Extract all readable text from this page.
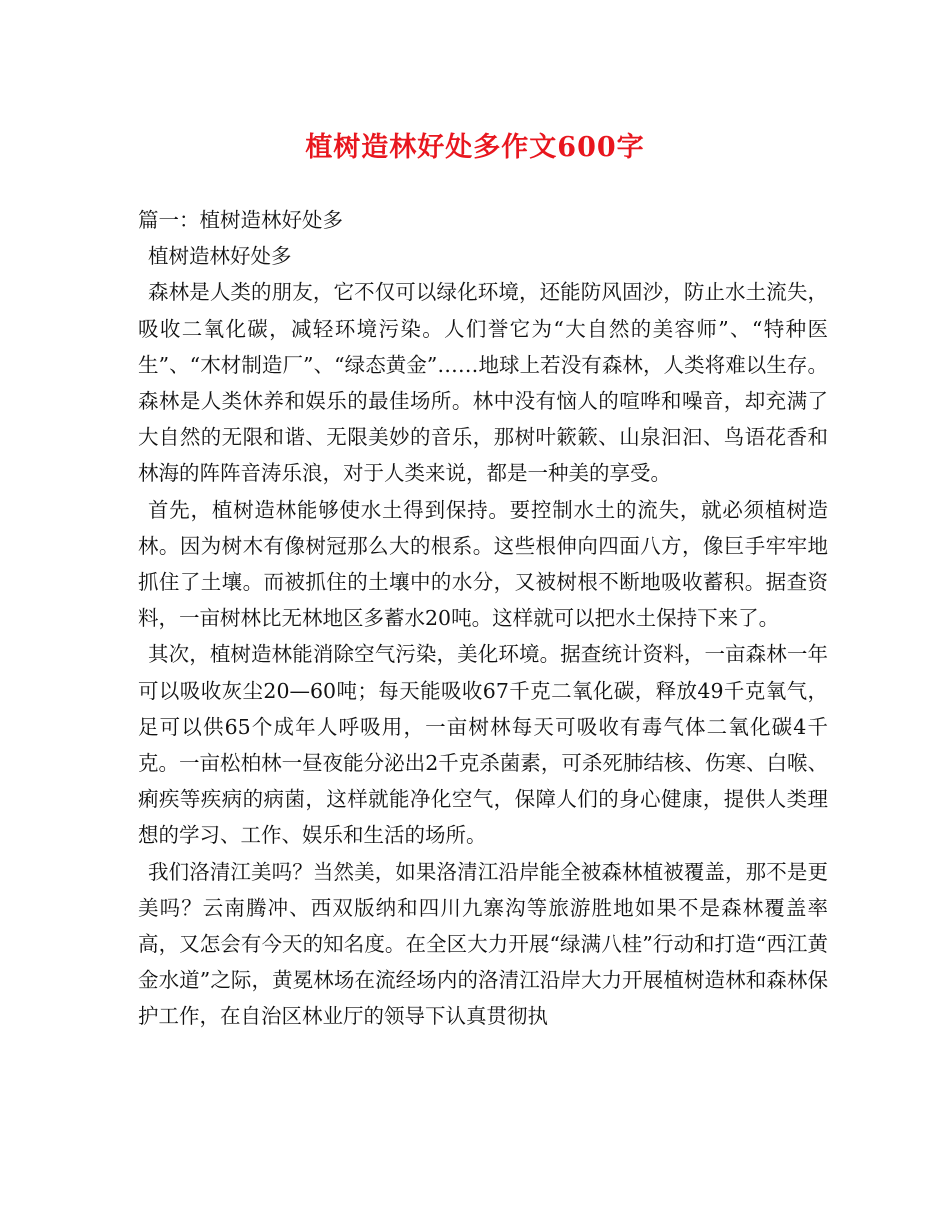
植树造林好处多作文600字

篇一：植树造林好处多

植树造林好处多

森林是人类的朋友，它不仅可以绿化环境，还能防风固沙，防止水土流失，吸收二氧化碳，减轻环境污染。人们誉它为“大自然的美容师”、“特种医生”、“木材制造厂”、“绿态黄金”……地球上若没有森林，人类将难以生存。森林是人类休养和娱乐的最佳场所。林中没有恼人的喧哗和噪音，却充满了大自然的无限和谐、无限美妙的音乐，那树叶簌簌、山泉汩汩、鸟语花香和林海的阵阵音涛乐浪，对于人类来说，都是一种美的享受。

首先，植树造林能够使水土得到保持。要控制水土的流失，就必须植树造林。因为树木有像树冠那么大的根系。这些根伸向四面八方，像巨手牢牢地抓住了土壤。而被抓住的土壤中的水分，又被树根不断地吸收蓄积。据查资料，一亩树林比无林地区多蓄水20吨。这样就可以把水土保持下来了。

其次，植树造林能消除空气污染，美化环境。据查统计资料，一亩森林一年可以吸收灰尘20—60吨；每天能吸收67千克二氧化碳，释放49千克氧气，足可以供65个成年人呼吸用，一亩树林每天可吸收有毒气体二氧化碳4千克。一亩松柏林一昼夜能分泌出2千克杀菌素，可杀死肺结核、伤寒、白喉、痢疾等疾病的病菌，这样就能净化空气，保障人们的身心健康，提供人类理想的学习、工作、娱乐和生活的场所。

我们洛清江美吗？当然美，如果洛清江沿岸能全被森林植被覆盖，那不是更美吗？云南腾冲、西双版纳和四川九寨沟等旅游胜地如果不是森林覆盖率高，又怎会有今天的知名度。在全区大力开展“绿满八桂”行动和打造“西江黄金水道”之际，黄冕林场在流经场内的洛清江沿岸大力开展植树造林和森林保护工作，在自治区林业厅的领导下认真贯彻执
